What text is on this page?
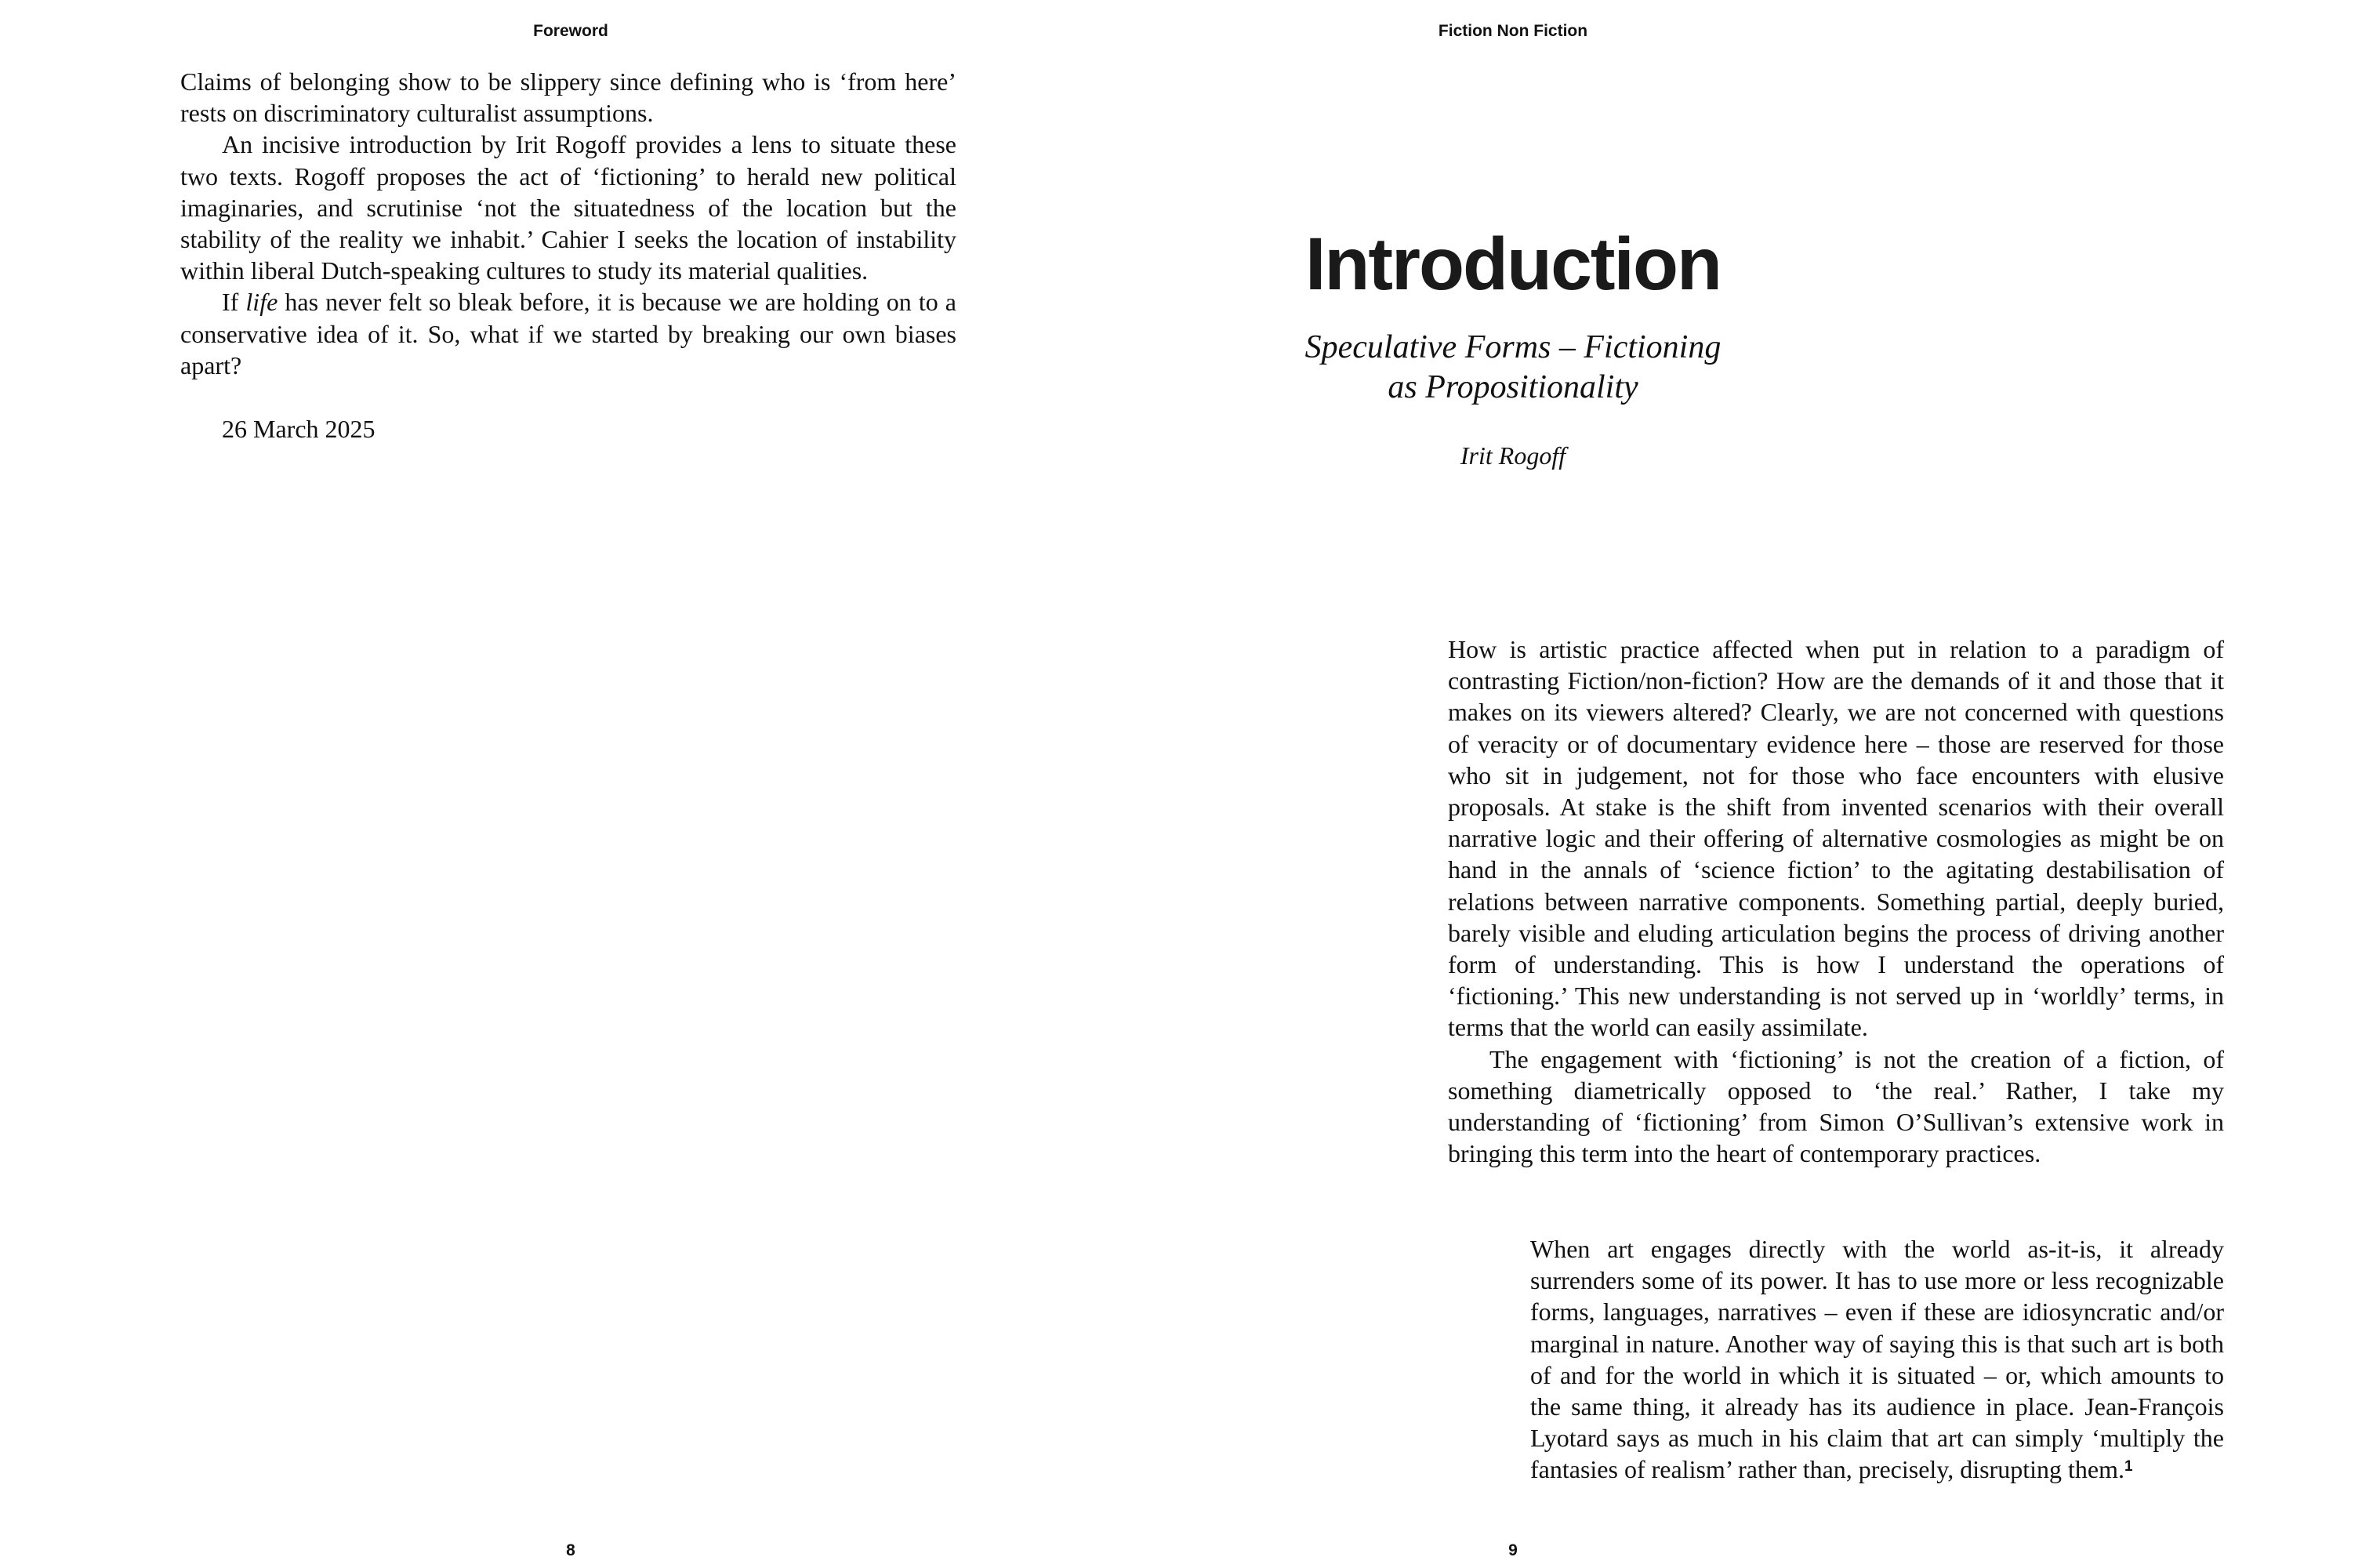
Foreword

Claims of belonging show to be slippery since defining who is ‘from here’ rests on discriminatory culturalist assumptions.

An incisive introduction by Irit Rogoff provides a lens to situate these two texts. Rogoff proposes the act of ‘fictioning’ to herald new political imaginaries, and scrutinise ‘not the situatedness of the location but the stability of the reality we inhabit.’ Cahier I seeks the location of instability within liberal Dutch-speaking cultures to study its material qualities.

If life has never felt so bleak before, it is because we are holding on to a conservative idea of it. So, what if we started by breaking our own biases apart?

26 March 2025
8
Fiction Non Fiction
Introduction
Speculative Forms – Fictioning
as Propositionality
Irit Rogoff

How is artistic practice affected when put in relation to a paradigm of contrasting Fiction/non-fiction? How are the demands of it and those that it makes on its viewers altered? Clearly, we are not concerned with questions of veracity or of documentary evidence here – those are reserved for those who sit in judgement, not for those who face encounters with elusive proposals. At stake is the shift from invented scenarios with their overall narrative logic and their offering of alternative cosmologies as might be on hand in the annals of ‘science fiction’ to the agitating destabilisation of relations between narrative components. Something partial, deeply buried, barely visible and eluding articulation begins the process of driving another form of understanding. This is how I understand the operations of ‘fictioning.’ This new understanding is not served up in ‘worldly’ terms, in terms that the world can easily assimilate.

The engagement with ‘fictioning’ is not the creation of a fiction, of something diametrically opposed to ‘the real.’ Rather, I take my understanding of ‘fictioning’ from Simon O’Sullivan’s extensive work in bringing this term into the heart of contemporary practices.

When art engages directly with the world as-it-is, it already surrenders some of its power. It has to use more or less recognizable forms, languages, narratives – even if these are idiosyncratic and/or marginal in nature. Another way of saying this is that such art is both of and for the world in which it is situated – or, which amounts to the same thing, it already has its audience in place. Jean-François Lyotard says as much in his claim that art can simply ‘multiply the fantasies of realism’ rather than, precisely, disrupting them.$^1$

9
